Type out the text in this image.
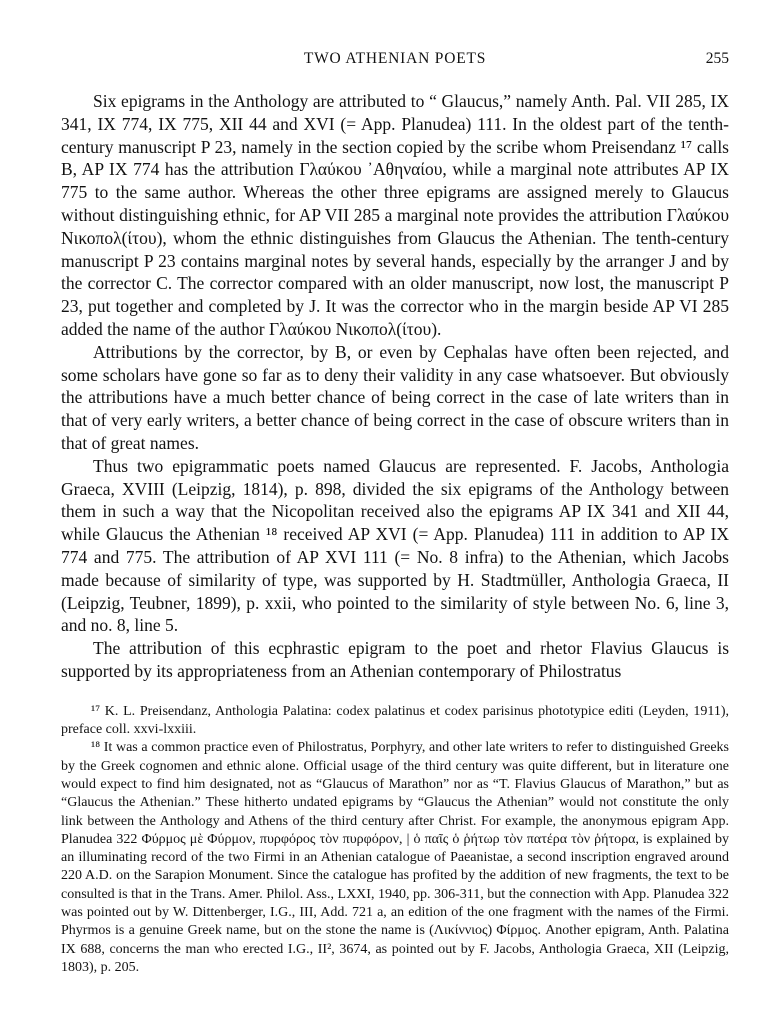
TWO ATHENIAN POETS	255

Six epigrams in the Anthology are attributed to “ Glaucus,” namely Anth. Pal. VII 285, IX 341, IX 774, IX 775, XII 44 and XVI (= App. Planudea) 111. In the oldest part of the tenth-century manuscript P 23, namely in the section copied by the scribe whom Preisendanz ¹⁷ calls B, AP IX 774 has the attribution Γλαύκου ᾿Αθηναίου, while a marginal note attributes AP IX 775 to the same author. Whereas the other three epigrams are assigned merely to Glaucus without distinguishing ethnic, for AP VII 285 a marginal note provides the attribution Γλαύκου Νικοπολ(ίτου), whom the ethnic distinguishes from Glaucus the Athenian. The tenth-century manuscript P 23 contains marginal notes by several hands, especially by the arranger J and by the corrector C. The corrector compared with an older manuscript, now lost, the manuscript P 23, put together and completed by J. It was the corrector who in the margin beside AP VI 285 added the name of the author Γλαύκου Νικοπολ(ίτου).

Attributions by the corrector, by B, or even by Cephalas have often been rejected, and some scholars have gone so far as to deny their validity in any case whatsoever. But obviously the attributions have a much better chance of being correct in the case of late writers than in that of very early writers, a better chance of being correct in the case of obscure writers than in that of great names.

Thus two epigrammatic poets named Glaucus are represented. F. Jacobs, Anthologia Graeca, XVIII (Leipzig, 1814), p. 898, divided the six epigrams of the Anthology between them in such a way that the Nicopolitan received also the epigrams AP IX 341 and XII 44, while Glaucus the Athenian ¹⁸ received AP XVI (= App. Planudea) 111 in addition to AP IX 774 and 775. The attribution of AP XVI 111 (= No. 8 infra) to the Athenian, which Jacobs made because of similarity of type, was supported by H. Stadtmüller, Anthologia Graeca, II (Leipzig, Teubner, 1899), p. xxii, who pointed to the similarity of style between No. 6, line 3, and no. 8, line 5.

The attribution of this ecphrastic epigram to the poet and rhetor Flavius Glaucus is supported by its appropriateness from an Athenian contemporary of Philostratus

¹⁷ K. L. Preisendanz, Anthologia Palatina: codex palatinus et codex parisinus phototypice editi (Leyden, 1911), preface coll. xxvi-lxxiii.

¹⁸ It was a common practice even of Philostratus, Porphyry, and other late writers to refer to distinguished Greeks by the Greek cognomen and ethnic alone. Official usage of the third century was quite different, but in literature one would expect to find him designated, not as “Glaucus of Marathon” nor as “T. Flavius Glaucus of Marathon,” but as “Glaucus the Athenian.” These hitherto undated epigrams by “Glaucus the Athenian” would not constitute the only link between the Anthology and Athens of the third century after Christ. For example, the anonymous epigram App. Planudea 322 Φύρμος μὲ Φύρμον, πυρφόρος τὸν πυρφόρον, | ὁ παῖς ὁ ῥήτωρ τὸν πατέρα τὸν ῥήτορα, is explained by an illuminating record of the two Firmi in an Athenian catalogue of Paeanistae, a second inscription engraved around 220 A.D. on the Sarapion Monument. Since the catalogue has profited by the addition of new fragments, the text to be consulted is that in the Trans. Amer. Philol. Ass., LXXI, 1940, pp. 306-311, but the connection with App. Planudea 322 was pointed out by W. Dittenberger, I.G., III, Add. 721 a, an edition of the one fragment with the names of the Firmi. Phyrmos is a genuine Greek name, but on the stone the name is (Λικίννιος) Φίρμος. Another epigram, Anth. Palatina IX 688, concerns the man who erected I.G., II², 3674, as pointed out by F. Jacobs, Anthologia Graeca, XII (Leipzig, 1803), p. 205.
